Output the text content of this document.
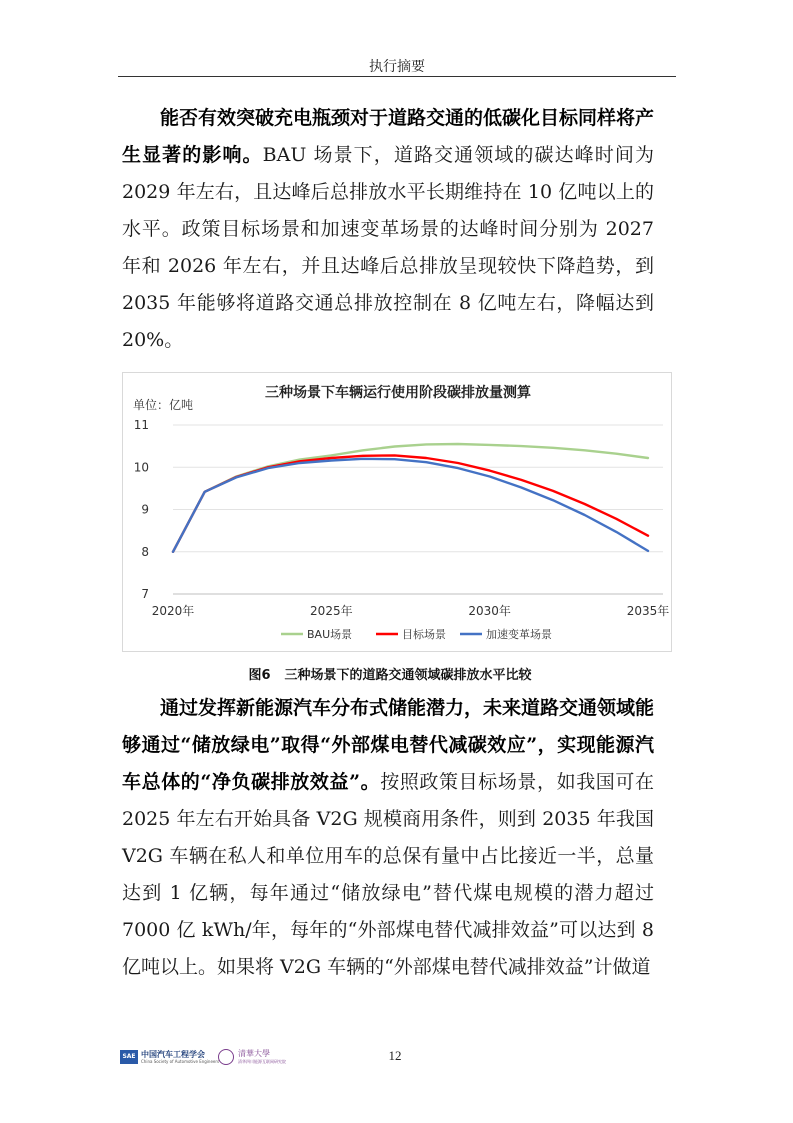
执行摘要

能否有效突破充电瓶颈对于道路交通的低碳化目标同样将产生显著的影响。BAU 场景下，道路交通领域的碳达峰时间为 2029 年左右，且达峰后总排放水平长期维持在 10 亿吨以上的水平。政策目标场景和加速变革场景的达峰时间分别为 2027 年和 2026 年左右，并且达峰后总排放呈现较快下降趋势，到 2035 年能够将道路交通总排放控制在 8 亿吨左右，降幅达到 20%。

三种场景下车辆运行使用阶段碳排放量测算
单位：亿吨
7
8
9
10
11
2020年	2025年	2030年	2035年
BAU场景	目标场景	加速变革场景
图6 三种场景下的道路交通领域碳排放水平比较

通过发挥新能源汽车分布式储能潜力，未来道路交通领域能够通过“储放绿电”取得“外部煤电替代减碳效应”，实现能源汽车总体的“净负碳排放效益”。按照政策目标场景，如我国可在 2025 年左右开始具备 V2G 规模商用条件，则到 2035 年我国 V2G 车辆在私人和单位用车的总保有量中占比接近一半，总量达到 1 亿辆，每年通过“储放绿电”替代煤电规模的潜力超过 7000 亿 kWh/年，每年的“外部煤电替代减排效益”可以达到 8 亿吨以上。如果将 V2G 车辆的“外部煤电替代减排效益”计做道

SAE 中国汽车工程学会
China Society of Automotive Engineers
清華大學
清华四川能源互联网研究院	12
